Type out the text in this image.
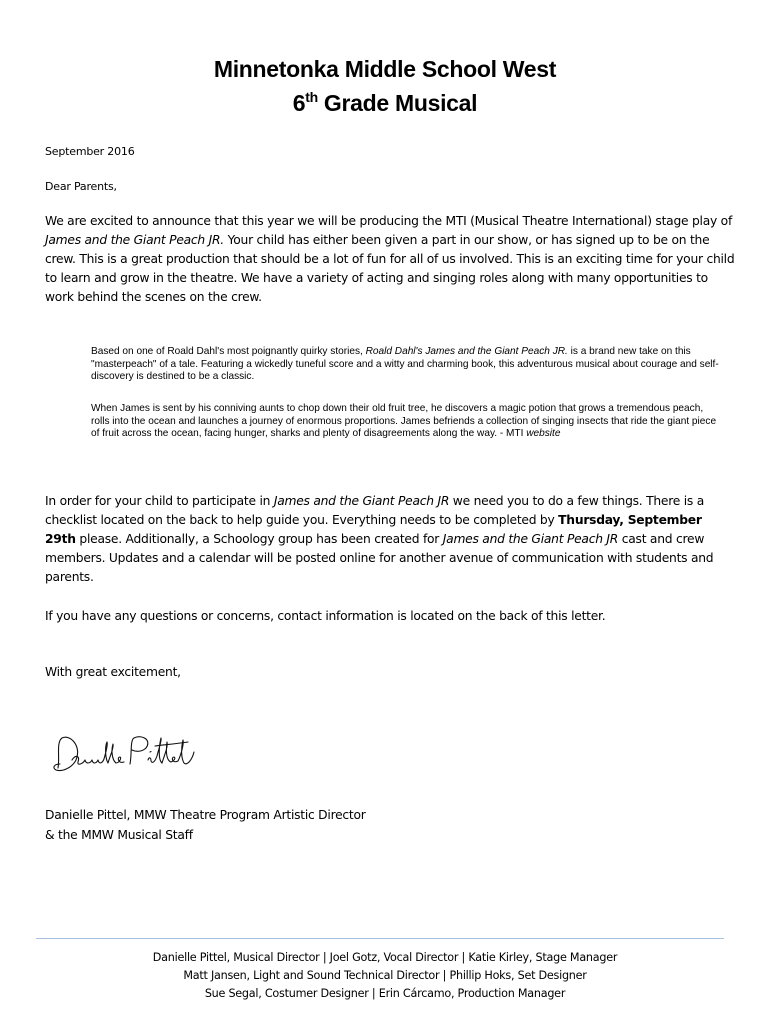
Minnetonka Middle School West
6th Grade Musical
September 2016
Dear Parents,

We are excited to announce that this year we will be producing the MTI (Musical Theatre International) stage play of James and the Giant Peach JR. Your child has either been given a part in our show, or has signed up to be on the crew. This is a great production that should be a lot of fun for all of us involved. This is an exciting time for your child to learn and grow in the theatre. We have a variety of acting and singing roles along with many opportunities to work behind the scenes on the crew.

Based on one of Roald Dahl's most poignantly quirky stories, Roald Dahl's James and the Giant Peach JR. is a brand new take on this "masterpeach" of a tale. Featuring a wickedly tuneful score and a witty and charming book, this adventurous musical about courage and self-discovery is destined to be a classic.

When James is sent by his conniving aunts to chop down their old fruit tree, he discovers a magic potion that grows a tremendous peach, rolls into the ocean and launches a journey of enormous proportions. James befriends a collection of singing insects that ride the giant piece of fruit across the ocean, facing hunger, sharks and plenty of disagreements along the way. - MTI website

In order for your child to participate in James and the Giant Peach JR we need you to do a few things. There is a checklist located on the back to help guide you. Everything needs to be completed by Thursday, September 29th please. Additionally, a Schoology group has been created for James and the Giant Peach JR cast and crew members. Updates and a calendar will be posted online for another avenue of communication with students and parents.

If you have any questions or concerns, contact information is located on the back of this letter.

With great excitement,

Danielle Pittel, MMW Theatre Program Artistic Director

& the MMW Musical Staff

Danielle Pittel, Musical Director | Joel Gotz, Vocal Director | Katie Kirley, Stage Manager
Matt Jansen, Light and Sound Technical Director | Phillip Hoks, Set Designer
Sue Segal, Costumer Designer | Erin Cárcamo, Production Manager
